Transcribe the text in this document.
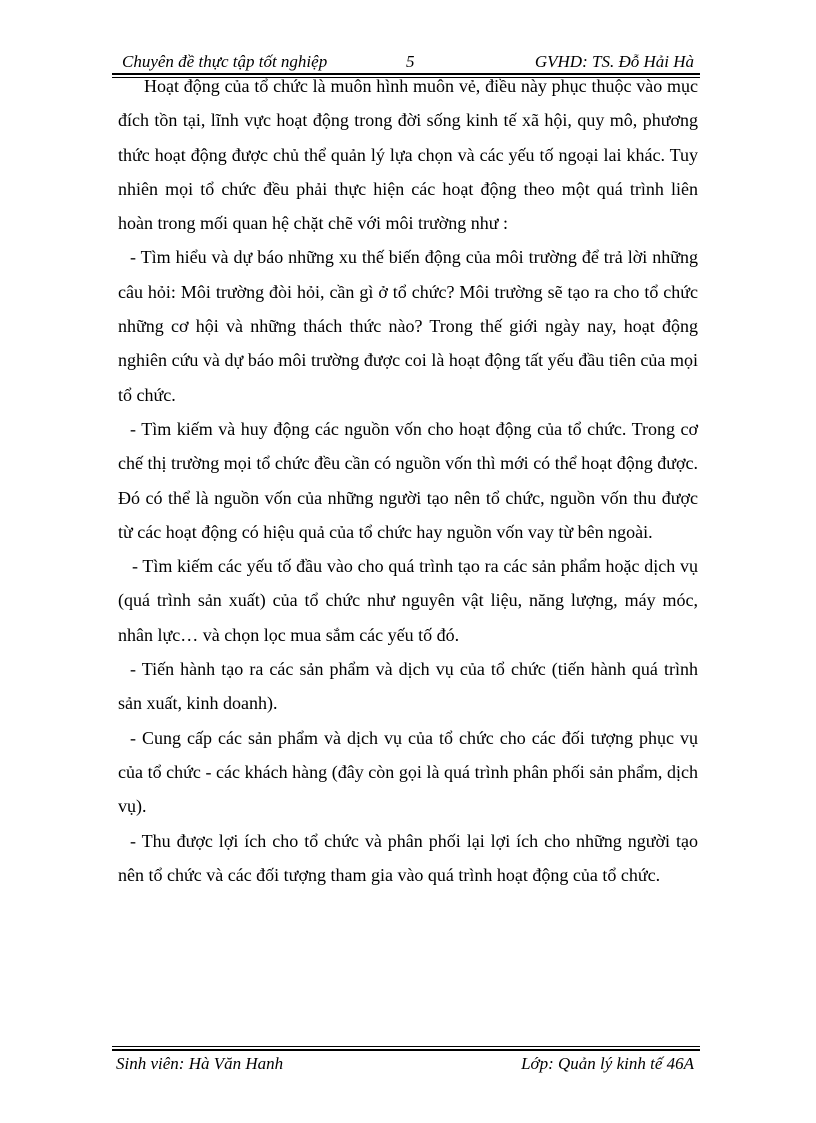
Chuyên đề thực tập tốt nghiệp	5	GVHD: TS. Đỗ Hải Hà

Hoạt động của tổ chức là muôn hình muôn vẻ, điều này phục thuộc vào mục đích tồn tại, lĩnh vực hoạt động trong đời sống kinh tế xã hội, quy mô, phương thức hoạt động được chủ thể quản lý lựa chọn và các yếu tố ngoại lai khác. Tuy nhiên mọi tổ chức đều phải thực hiện các hoạt động theo một quá trình liên hoàn trong mối quan hệ chặt chẽ với môi trường như :

- Tìm hiểu và dự báo những xu thế biến động của môi trường để trả lời những câu hỏi: Môi trường đòi hỏi, cần gì ở tổ chức? Môi trường sẽ tạo ra cho tổ chức những cơ hội và những thách thức nào? Trong thế giới ngày nay, hoạt động nghiên cứu và dự báo môi trường được coi là hoạt động tất yếu đầu tiên của mọi tổ chức.

- Tìm kiếm và huy động các nguồn vốn cho hoạt động của tổ chức. Trong cơ chế thị trường mọi tổ chức đều cần có nguồn vốn thì mới có thể hoạt động được. Đó có thể là nguồn vốn của những người tạo nên tổ chức, nguồn vốn thu được từ các hoạt động có hiệu quả của tổ chức hay nguồn vốn vay từ bên ngoài.

- Tìm kiếm các yếu tố đầu vào cho quá trình tạo ra các sản phẩm hoặc dịch vụ (quá trình sản xuất) của tổ chức như nguyên vật liệu, năng lượng, máy móc, nhân lực… và chọn lọc mua sắm các yếu tố đó.

- Tiến hành tạo ra các sản phẩm và dịch vụ của tổ chức (tiến hành quá trình sản xuất, kinh doanh).

- Cung cấp các sản phẩm và dịch vụ của tổ chức cho các đối tượng phục vụ của tổ chức - các khách hàng (đây còn gọi là quá trình phân phối sản phẩm, dịch vụ).

- Thu được lợi ích cho tổ chức và phân phối lại lợi ích cho những người tạo nên tổ chức và các đối tượng tham gia vào quá trình hoạt động của tổ chức.

Sinh viên: Hà Văn Hanh	Lớp: Quản lý kinh tế 46A
